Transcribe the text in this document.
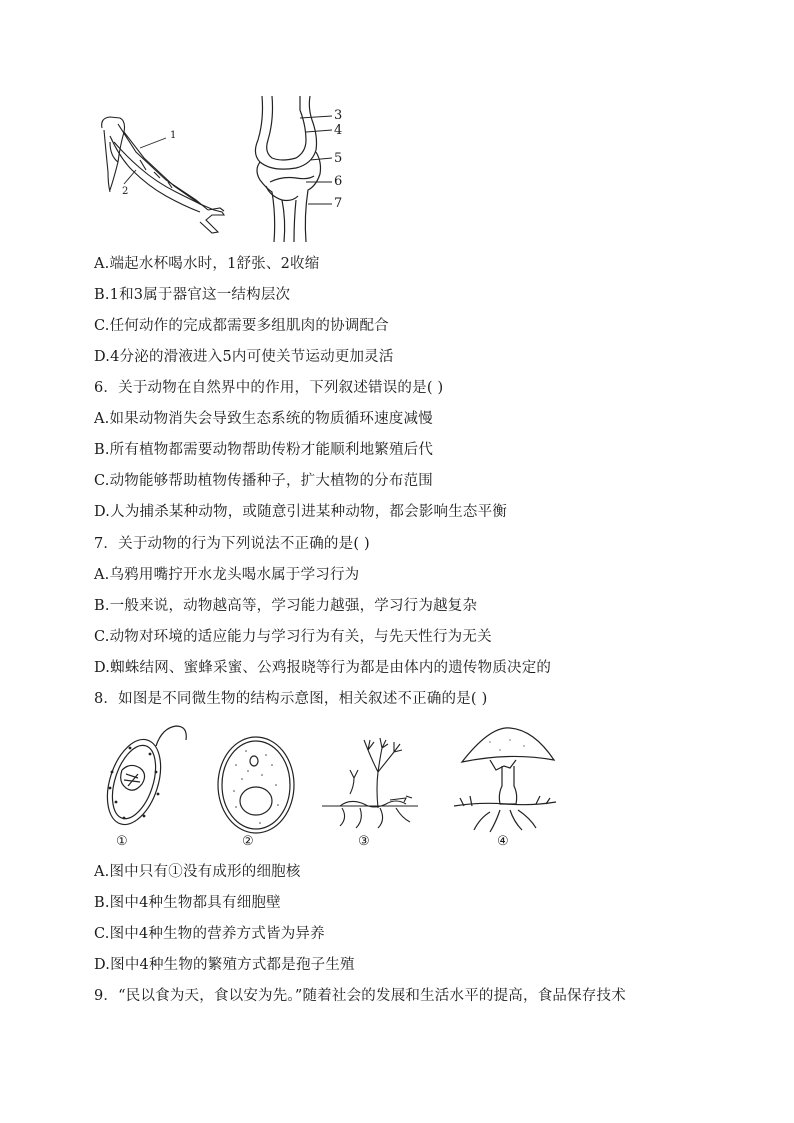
1
2
3
4
5
6
7
A.端起水杯喝水时，1舒张、2收缩
B.1和3属于器官这一结构层次
C.任何动作的完成都需要多组肌肉的协调配合
D.4分泌的滑液进入5内可使关节运动更加灵活
6．关于动物在自然界中的作用，下列叙述错误的是( )
A.如果动物消失会导致生态系统的物质循环速度减慢
B.所有植物都需要动物帮助传粉才能顺利地繁殖后代
C.动物能够帮助植物传播种子，扩大植物的分布范围
D.人为捕杀某种动物，或随意引进某种动物，都会影响生态平衡
7．关于动物的行为下列说法不正确的是( )
A.乌鸦用嘴拧开水龙头喝水属于学习行为
B.一般来说，动物越高等，学习能力越强，学习行为越复杂
C.动物对环境的适应能力与学习行为有关，与先天性行为无关
D.蜘蛛结网、蜜蜂采蜜、公鸡报晓等行为都是由体内的遗传物质决定的
8．如图是不同微生物的结构示意图，相关叙述不正确的是( )
①	②	③	④
A.图中只有①没有成形的细胞核
B.图中4种生物都具有细胞壁
C.图中4种生物的营养方式皆为异养
D.图中4种生物的繁殖方式都是孢子生殖
9．“民以食为天，食以安为先。”随着社会的发展和生活水平的提高，食品保存技术
